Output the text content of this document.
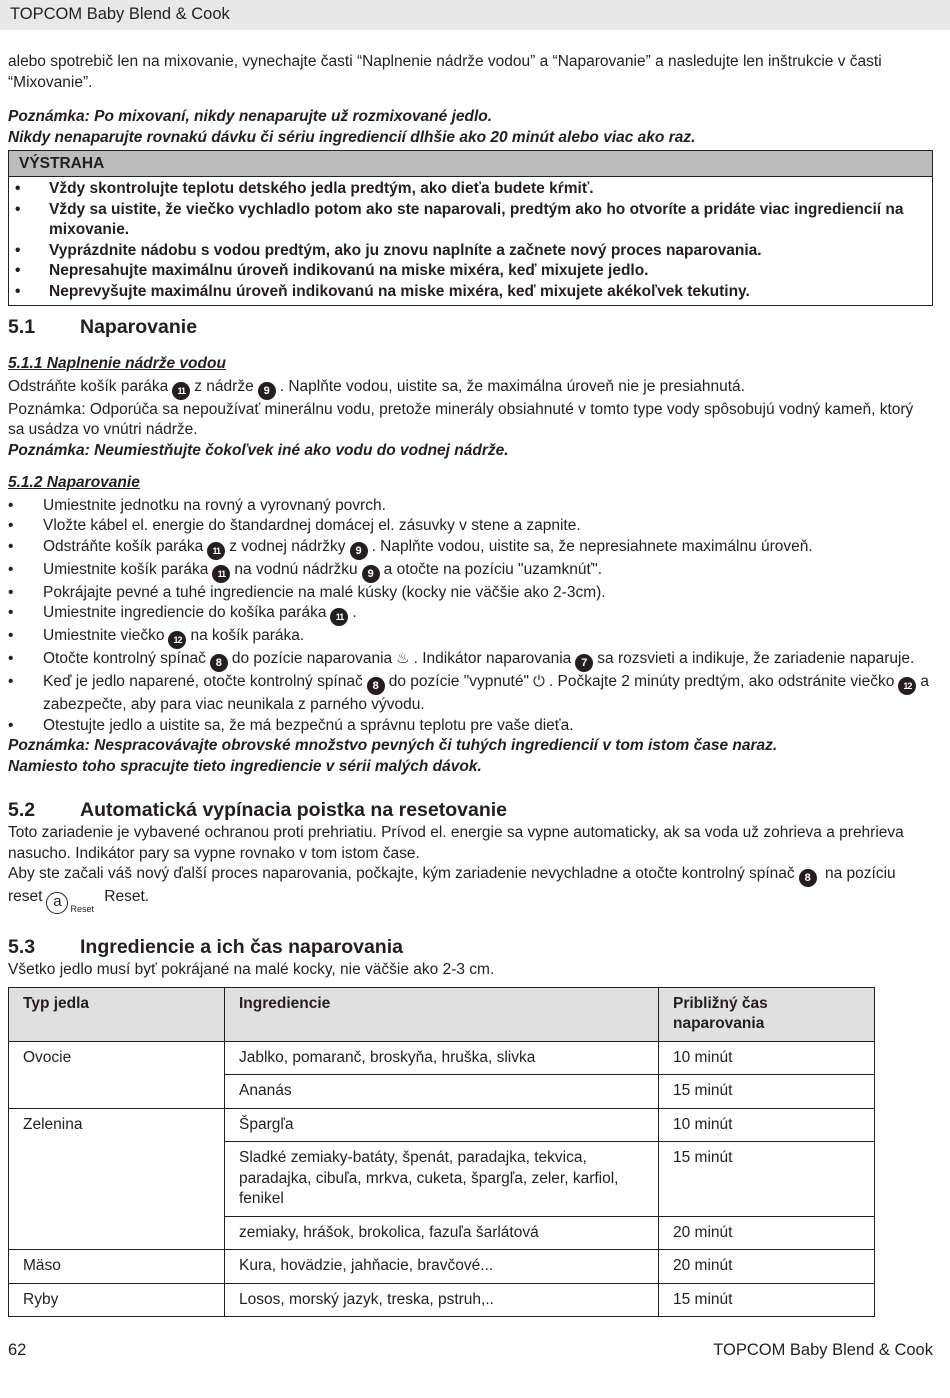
TOPCOM Baby Blend & Cook

alebo spotrebič len na mixovanie, vynechajte časti “Naplnenie nádrže vodou” a “Naparovanie” a nasledujte len inštrukcie v časti “Mixovanie”.

Poznámka: Po mixovaní, nikdy nenaparujte už rozmixované jedlo.

Nikdy nenaparujte rovnakú dávku či sériu ingrediencií dlhšie ako 20 minút alebo viac ako raz.

VÝSTRAHA
• Vždy skontrolujte teplotu detského jedla predtým, ako dieťa budete kŕmiť.
• Vždy sa uistite, že viečko vychladlo potom ako ste naparovali, predtým ako ho otvoríte a pridáte viac ingrediencií na mixovanie.
• Vyprázdnite nádobu s vodou predtým, ako ju znovu naplníte a začnete nový proces naparovania.
• Nepresahujte maximálnu úroveň indikovanú na miske mixéra, keď mixujete jedlo.
• Neprevyšujte maximálnu úroveň indikovanú na miske mixéra, keď mixujete akékoľvek tekutiny.
5.1	Naparovanie

5.1.1 Naplnenie nádrže vodou

Odstráňte košík paráka 11 z nádrže 9 . Naplňte vodou, uistite sa, že maximálna úroveň nie je presiahnutá.

Poznámka: Odporúča sa nepoužívať minerálnu vodu, pretože minerály obsiahnuté v tomto type vody spôsobujú vodný kameň, ktorý sa usádza vo vnútri nádrže.

Poznámka: Neumiestňujte čokoľvek iné ako vodu do vodnej nádrže.

5.1.2 Naparovanie

• Umiestnite jednotku na rovný a vyrovnaný povrch.
• Vložte kábel el. energie do štandardnej domácej el. zásuvky v stene a zapnite.
• Odstráňte košík paráka 11 z vodnej nádržky 9 . Naplňte vodou, uistite sa, že nepresiahnete maximálnu úroveň.
• Umiestnite košík paráka 11 na vodnú nádržku 9 a otočte na pozíciu "uzamknúť".
• Pokrájajte pevné a tuhé ingrediencie na malé kúsky (kocky nie väčšie ako 2-3cm).
• Umiestnite ingrediencie do košíka paráka 11 .
• Umiestnite viečko 12 na košík paráka.
• Otočte kontrolný spínač 8 do pozície naparovania ♨ . Indikátor naparovania 7 sa rozsvieti a indikuje, že zariadenie naparuje.
• Keď je jedlo naparené, otočte kontrolný spínač 8 do pozície "vypnuté" ⏻ . Počkajte 2 minúty predtým, ako odstránite viečko 12 a zabezpečte, aby para viac neunikala z parného vývodu.
• Otestujte jedlo a uistite sa, že má bezpečnú a správnu teplotu pre vaše dieťa.

Poznámka: Nespracovávajte obrovské množstvo pevných či tuhých ingrediencií v tom istom čase naraz.

Namiesto toho spracujte tieto ingrediencie v sérii malých dávok.

5.2	Automatická vypínacia poistka na resetovanie

Toto zariadenie je vybavené ochranou proti prehriatiu. Prívod el. energie sa vypne automaticky, ak sa voda už zohrieva a prehrieva nasucho. Indikátor pary sa vypne rovnako v tom istom čase.

Aby ste začali váš nový ďalší proces naparovania, počkajte, kým zariadenie nevychladne a otočte kontrolný spínač 8 na pozíciu reset a Reset
Reset.

5.3	Ingrediencie a ich čas naparovania

Všetko jedlo musí byť pokrájané na malé kocky, nie väčšie ako 2-3 cm.

Typ jedla	Ingrediencie	Približný čas naparovania
Ovocie	Jablko, pomaranč, broskyňa, hruška, slivka	10 minút
	Ananás	15 minút
Zelenina	Špargľa	10 minút
	Sladké zemiaky-batáty, špenát, paradajka, tekvica, paradajka, cibuľa, mrkva, cuketa, špargľa, zeler, karfiol, fenikel	15 minút
	zemiaky, hrášok, brokolica, fazuľa šarlátová	20 minút
Mäso	Kura, hovädzie, jahňacie, bravčové...	20 minút
Ryby	Losos, morský jazyk, treska, pstruh,..	15 minút
62	TOPCOM Baby Blend & Cook
